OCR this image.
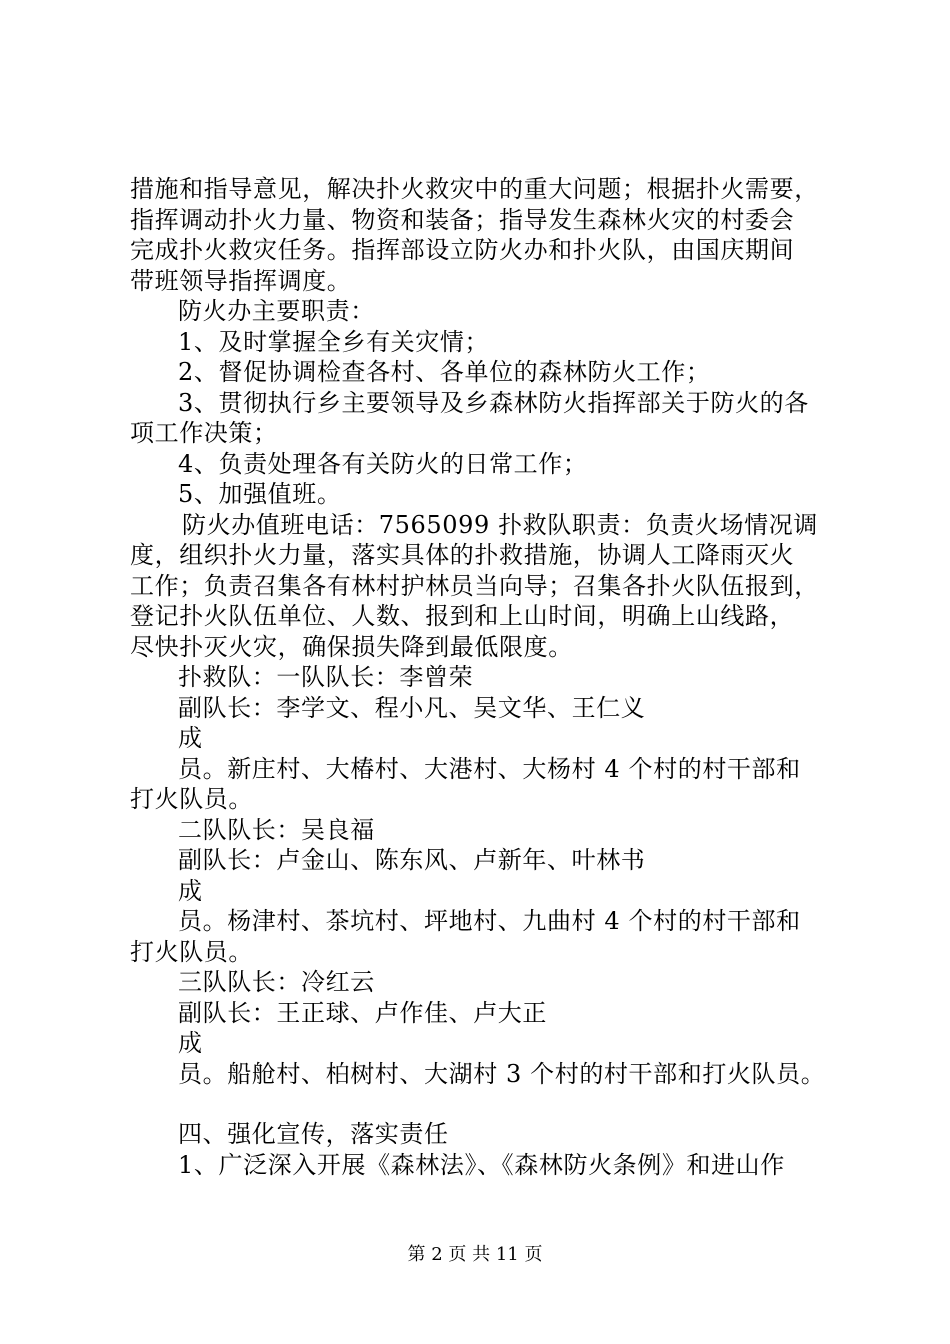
措施和指导意见，解决扑火救灾中的重大问题；根据扑火需要，
指挥调动扑火力量、物资和装备；指导发生森林火灾的村委会
完成扑火救灾任务。指挥部设立防火办和扑火队，由国庆期间
带班领导指挥调度。
防火办主要职责：
1、及时掌握全乡有关灾情；
2、督促协调检查各村、各单位的森林防火工作；
3、贯彻执行乡主要领导及乡森林防火指挥部关于防火的各
项工作决策；
4、负责处理各有关防火的日常工作；
5、加强值班。
防火办值班电话：7565099 扑救队职责：负责火场情况调
度，组织扑火力量，落实具体的扑救措施，协调人工降雨灭火
工作；负责召集各有林村护林员当向导；召集各扑火队伍报到，
登记扑火队伍单位、人数、报到和上山时间，明确上山线路，
尽快扑灭火灾，确保损失降到最低限度。
扑救队：一队队长：李曾荣
副队长：李学文、程小凡、吴文华、王仁义
成
员。新庄村、大椿村、大港村、大杨村 4 个村的村干部和
打火队员。
二队队长：吴良福
副队长：卢金山、陈东风、卢新年、叶林书
成
员。杨津村、茶坑村、坪地村、九曲村 4 个村的村干部和
打火队员。
三队队长：冷红云
副队长：王正球、卢作佳、卢大正
成
员。船舱村、柏树村、大湖村 3 个村的村干部和打火队员。
四、强化宣传，落实责任
1、广泛深入开展《森林法》、《森林防火条例》和进山作
第 2 页 共 11 页
